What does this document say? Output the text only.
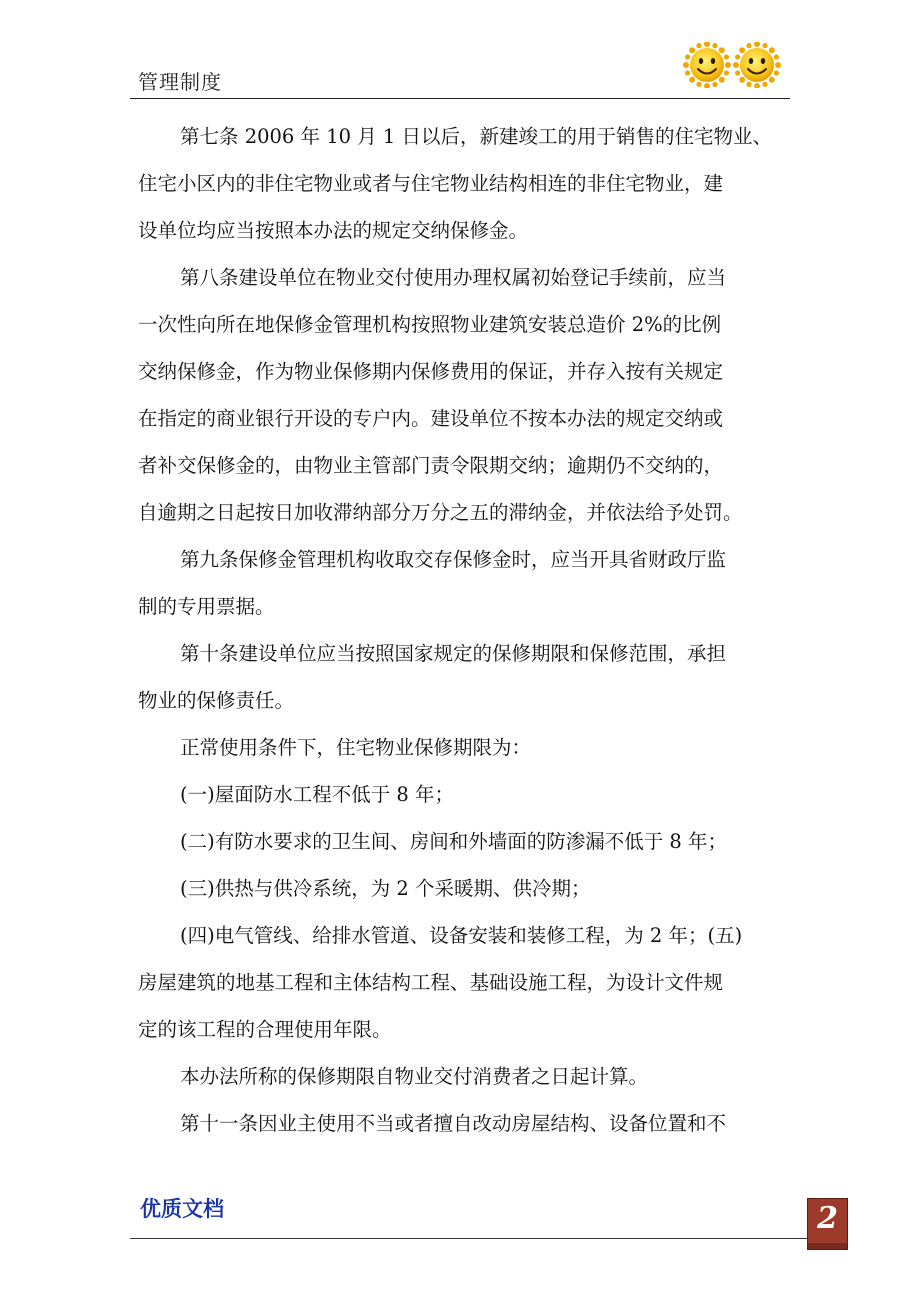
管理制度
第七条 2006 年 10 月 1 日以后，新建竣工的用于销售的住宅物业、
住宅小区内的非住宅物业或者与住宅物业结构相连的非住宅物业，建
设单位均应当按照本办法的规定交纳保修金。
第八条建设单位在物业交付使用办理权属初始登记手续前，应当
一次性向所在地保修金管理机构按照物业建筑安装总造价 2%的比例
交纳保修金，作为物业保修期内保修费用的保证，并存入按有关规定
在指定的商业银行开设的专户内。建设单位不按本办法的规定交纳或
者补交保修金的，由物业主管部门责令限期交纳；逾期仍不交纳的，
自逾期之日起按日加收滞纳部分万分之五的滞纳金，并依法给予处罚。
第九条保修金管理机构收取交存保修金时，应当开具省财政厅监
制的专用票据。
第十条建设单位应当按照国家规定的保修期限和保修范围，承担
物业的保修责任。
正常使用条件下，住宅物业保修期限为：
(一)屋面防水工程不低于 8 年；
(二)有防水要求的卫生间、房间和外墙面的防渗漏不低于 8 年；
(三)供热与供冷系统，为 2 个采暖期、供冷期；
(四)电气管线、给排水管道、设备安装和装修工程，为 2 年；(五)
房屋建筑的地基工程和主体结构工程、基础设施工程，为设计文件规
定的该工程的合理使用年限。
本办法所称的保修期限自物业交付消费者之日起计算。
第十一条因业主使用不当或者擅自改动房屋结构、设备位置和不
优质文档	2
